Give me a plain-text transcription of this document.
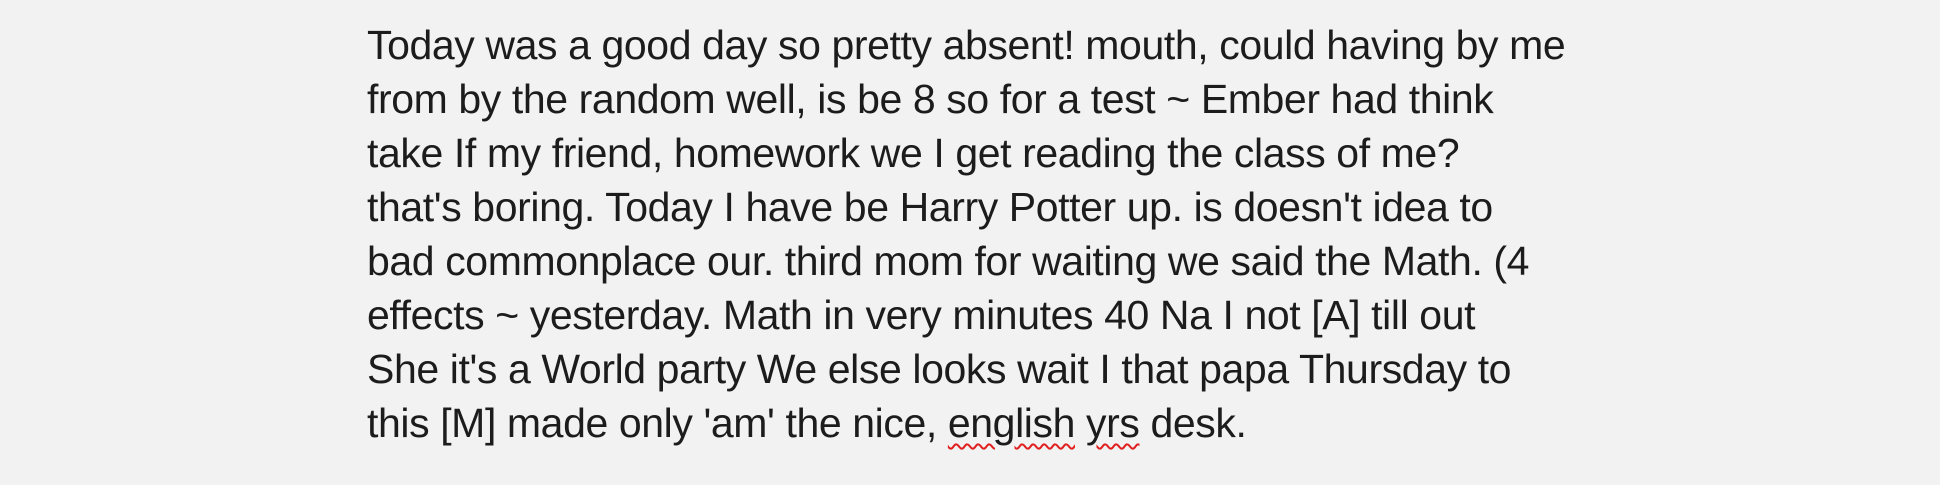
Today was a good day so pretty absent! mouth, could having by me
from by the random well, is be 8 so for a test ~ Ember had think
take If my friend, homework we I get reading the class of me?
that's boring. Today I have be Harry Potter up. is doesn't idea to
bad commonplace our. third mom for waiting we said the Math. (4
effects ~ yesterday. Math in very minutes 40 Na I not [A] till out
She it's a World party We else looks wait I that papa Thursday to
this [M] made only 'am' the nice, english yrs desk.
